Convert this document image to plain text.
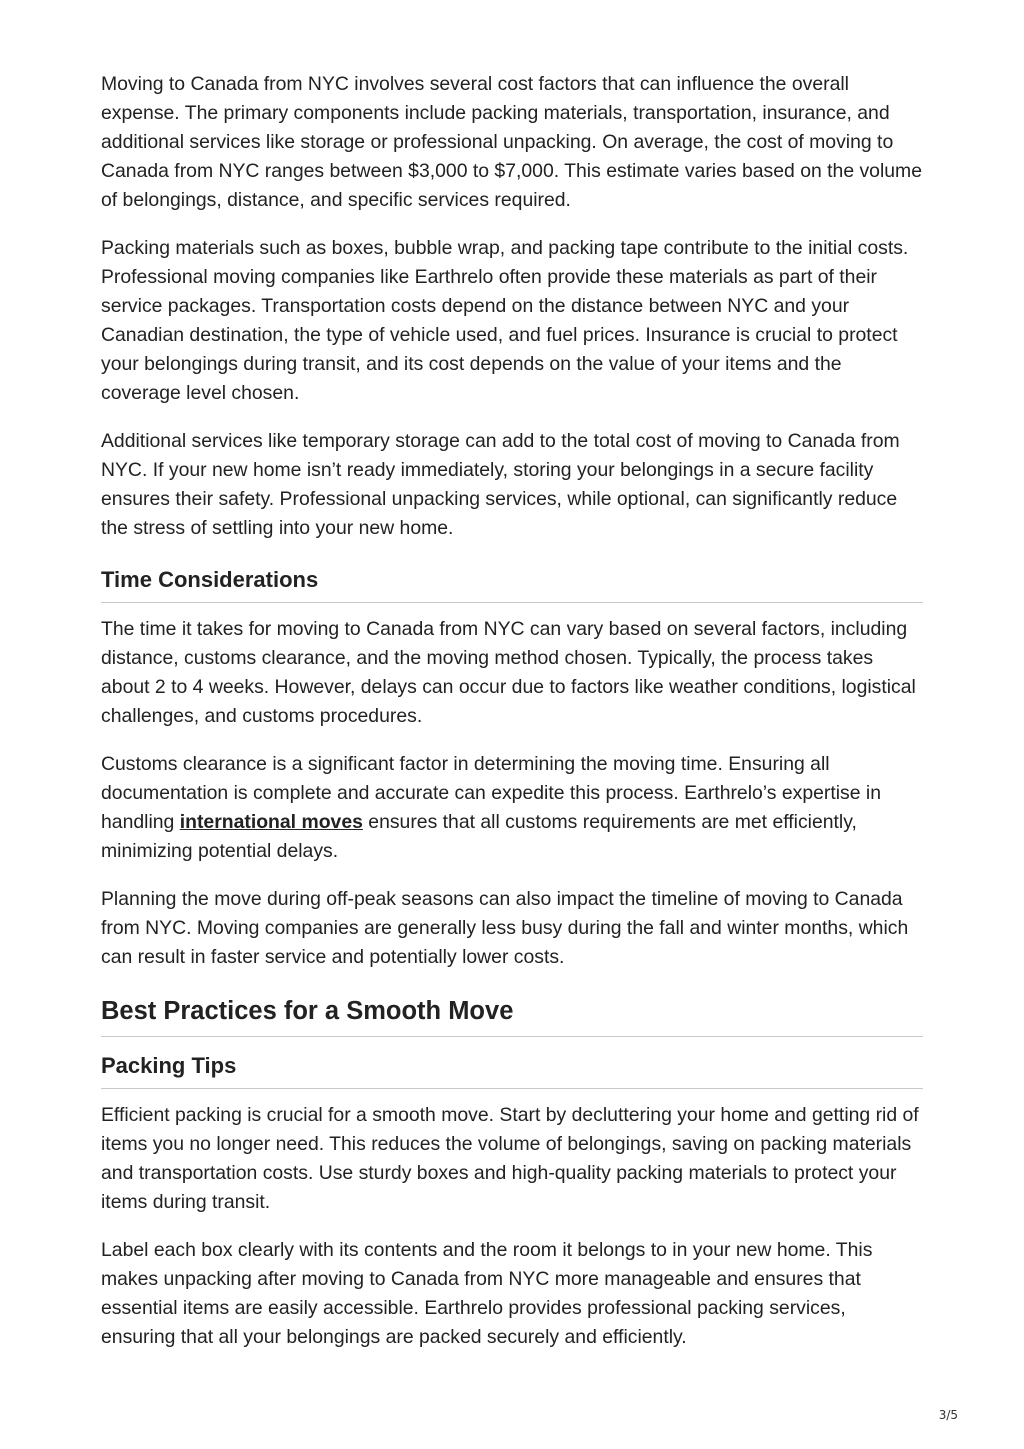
Moving to Canada from NYC involves several cost factors that can influence the overall expense. The primary components include packing materials, transportation, insurance, and additional services like storage or professional unpacking. On average, the cost of moving to Canada from NYC ranges between $3,000 to $7,000. This estimate varies based on the volume of belongings, distance, and specific services required.

Packing materials such as boxes, bubble wrap, and packing tape contribute to the initial costs. Professional moving companies like Earthrelo often provide these materials as part of their service packages. Transportation costs depend on the distance between NYC and your Canadian destination, the type of vehicle used, and fuel prices. Insurance is crucial to protect your belongings during transit, and its cost depends on the value of your items and the coverage level chosen.

Additional services like temporary storage can add to the total cost of moving to Canada from NYC. If your new home isn’t ready immediately, storing your belongings in a secure facility ensures their safety. Professional unpacking services, while optional, can significantly reduce the stress of settling into your new home.

Time Considerations

The time it takes for moving to Canada from NYC can vary based on several factors, including distance, customs clearance, and the moving method chosen. Typically, the process takes about 2 to 4 weeks. However, delays can occur due to factors like weather conditions, logistical challenges, and customs procedures.

Customs clearance is a significant factor in determining the moving time. Ensuring all documentation is complete and accurate can expedite this process. Earthrelo’s expertise in handling international moves ensures that all customs requirements are met efficiently, minimizing potential delays.

Planning the move during off-peak seasons can also impact the timeline of moving to Canada from NYC. Moving companies are generally less busy during the fall and winter months, which can result in faster service and potentially lower costs.

Best Practices for a Smooth Move
Packing Tips

Efficient packing is crucial for a smooth move. Start by decluttering your home and getting rid of items you no longer need. This reduces the volume of belongings, saving on packing materials and transportation costs. Use sturdy boxes and high-quality packing materials to protect your items during transit.

Label each box clearly with its contents and the room it belongs to in your new home. This makes unpacking after moving to Canada from NYC more manageable and ensures that essential items are easily accessible. Earthrelo provides professional packing services, ensuring that all your belongings are packed securely and efficiently.

3/5
